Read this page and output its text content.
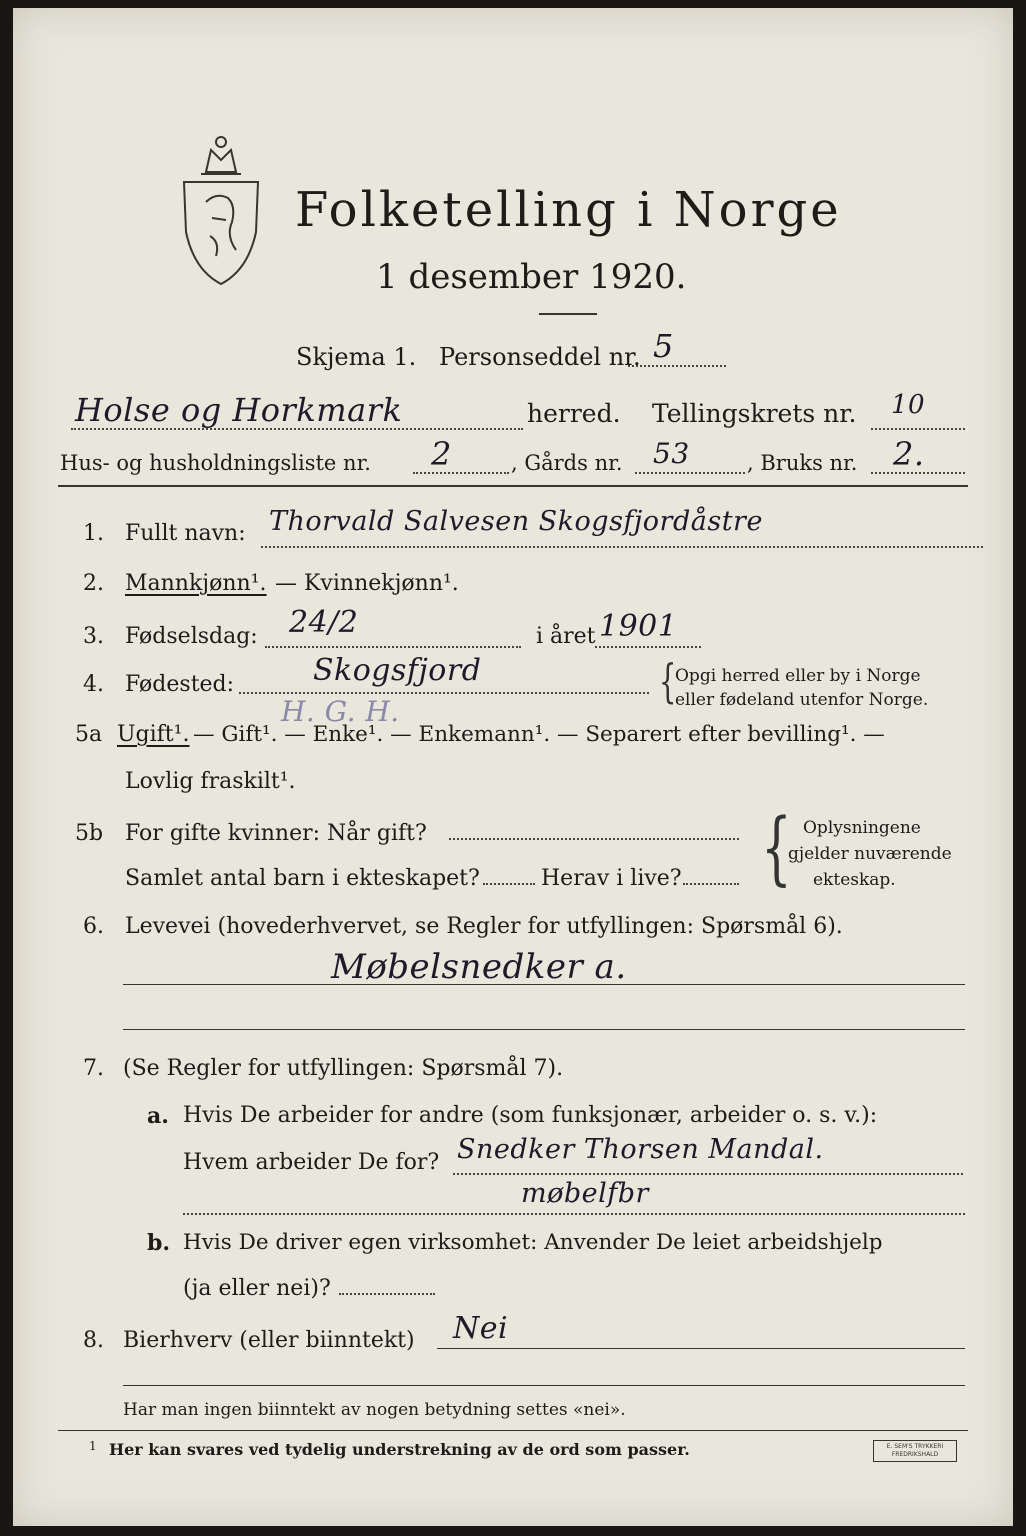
Folketelling i Norge
1 desember 1920.
Skjema 1. Personseddel nr. 5
Holse og Horkmark	herred. Tellingskrets nr. 10
Hus- og husholdningsliste nr. 2	, Gårds nr. 53	, Bruks nr. 2.
1. Fullt navn: Thorvald Salvesen Skogsfjordåstre
2. Mannkjønn¹. — Kvinnekjønn¹.
3. Fødselsdag: 24/2	i året 1901
4. Fødested:	Skogsfjord
H. G. H.
{
Opgi herred eller by i Norge
eller fødeland utenfor Norge.
5a Ugift¹. — Gift¹. — Enke¹. — Enkemann¹. — Separert efter bevilling¹. —
Lovlig fraskilt¹.
5b For gifte kvinner: Når gift?
Samlet antal barn i ekteskapet?	Herav i live? { Oplysningene
gjelder nuværende
ekteskap.
6. Levevei (hovederhvervet, se Regler for utfyllingen: Spørsmål 6).
Møbelsnedker a.
7. (Se Regler for utfyllingen: Spørsmål 7).
a. Hvis De arbeider for andre (som funksjonær, arbeider o. s. v.):
Hvem arbeider De for? Snedker Thorsen Mandal.
møbelfbr
b. Hvis De driver egen virksomhet: Anvender De leiet arbeidshjelp
(ja eller nei)?
8. Bierhverv (eller biinntekt) Nei
Har man ingen biinntekt av nogen betydning settes «nei».
1 Her kan svares ved tydelig understrekning av de ord som passer.	E. SEM'S TRYKKERI
FREDRIKSHALD
